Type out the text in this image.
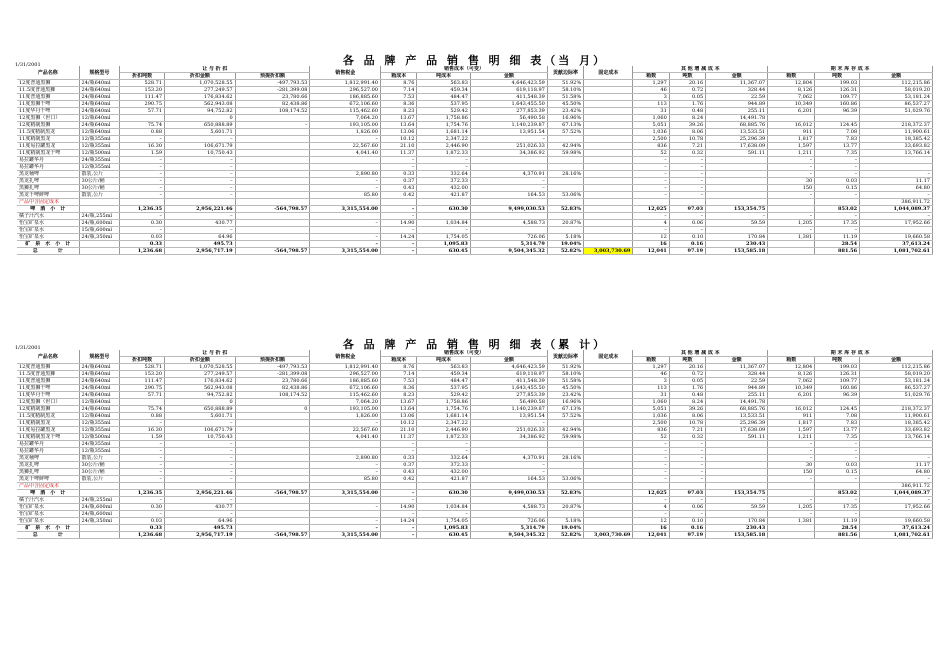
1/31/2001	各 品 牌 产 品 销 售 明 细 表（当 月）
1/31/2001	各 品 牌 产 品 销 售 明 细 表（累 计）
产品名称	规格型号	让 与 折 扣			销售税金	销售成本（可变）			贡献边际率	固定成本	其 他 增 减 成 本			期 末 库 存 成 本		
		折扣吨数	折扣金额	预提折扣额		箱成本	吨成本	金额			箱数	吨数	金额	箱数	吨数	金额
12度普通黑狮	24/瓶640ml	528.71	1,070,528.55	-497,793.53	1,812,991.40	8.76	563.83	4,646,423.59	51.92%		1,297	20.16	11,367.07	12,804	199.03	112,215.86
11.5度普通黑狮	24/瓶640ml	153.20	277,249.57	-281,399.08	296,527.00	7.14	459.34	619,118.97	58.10%		46	0.72	328.44	8,126	126.31	58,019.20
11度普通黑狮	24/瓶640ml	111.47	176,834.62	23,780.66	186,885.60	7.53	484.47	411,548.39	51.58%		3	0.05	22.59	7,062	109.77	53,181.24
11度黑狮干啤	24/瓶640ml	290.75	562,943.08	82,438.86	672,106.60	8.36	537.95	1,643,455.50	45.50%		113	1.76	944.89	10,349	160.86	86,537.27
11度华丹干啤	24/瓶640ml	57.71	94,752.82	108,174.52	115,462.60	8.23	529.42	277,853.39	23.42%		31	0.48	255.11	6,201	96.39	51,029.76
12度黑狮（世口）	12/瓶640ml		0		7,064.20	13.67	1,758.86	56,490.58	16.96%		1,060	8.24	14,491.78			
12度精制黑狮	24/瓶640ml	75.74	650,888.89	–	193,105.00	13.64	1,754.76	1,140,239.87	67.13%		5,051	39.26	68,885.76	16,012	124.45	218,372.37
11.5度精制黑龙	12/瓶640ml	0.88	5,601.71		1,826.00	13.06	1,681.14	13,951.54	57.52%		1,036	8.06	13,533.51	911	7.08	11,900.61
11度精制黑龙	12/瓶355ml	–	–		–	10.12	2,347.22	–			2,500	10.78	25,296.39	1,817	7.83	18,385.42
11度易拉罐黑龙	12/瓶355ml	16.30	106,671.79		22,567.60	21.10	2,446.90	251,026.33	42.94%		836	7.21	17,638.09	1,597	13.77	33,693.82
11度精制黑龙干啤	12/瓶500ml	1.59	10,750.43		4,041.40	11.37	1,872.33	34,386.92	59.98%		52	0.32	591.11	1,211	7.35	13,766.14
易拉罐华丹	24/瓶355ml	–	–			–	–				–	–		–	–	
易拉罐华丹	12/瓶355ml	–	–			–	–				–	–		–	–	
黑龙桶啤	散装,公斤	–	–		2,890.80	0.33	332.64	4,370.91	28.16%		–	–		–	–	–
黑龙扎啤	30公斤/桶	–	–		–	0.37	372.33	–			–	–		30	0.03	11.17
黑狮扎啤	30公斤/桶	–	–		–	0.43	432.00	–			–	–		150	0.15	64.80
黑龙干啤鲜啤	散装,公斤	–	–		85.80	0.42	421.87	164.53	53.06%		–	–		–	–	–
产品中含固定成本																386,911.72
啤　酒　小　计		1,236.35	2,956,221.46	-564,798.57	3,315,554.00	–	630.30	9,499,030.53	52.83%		12,025	97.03	153,354.75		853.02	1,044,089.37
橘子汁汽水	24/瓶,255ml	–	–			–					–	–	–	–	–	–
怡宝矿泉水	24/瓶,600ml	0.30	430.77		–	14.90	1,034.84	4,588.73	20.87%		4	0.06	59.59	1,205	17.35	17,952.66
怡宝矿泉水	15/瓶,600ml	–	–			–	–				–	–		–	–	
怡宝矿泉水	24/瓶,350ml	0.03	64.96		–	14.24	1,754.05	726.06	5.18%		12	0.10	170.84	1,381	11.19	19,660.58
矿　泉　水　小　计		0.33	495.73		–	–	1,095.83	5,314.79	19.04%		16	0.16	230.43		28.54	37,613.24
总　　　　计		1,236.68	2,956,717.19	-564,798.57	3,315,554.00	–	630.45	9,504,345.32	52.82%	3,003,730.69	12,041	97.19	153,585.18		881.56	1,081,702.61
产品名称	规格型号	让 与 折 扣			销售税金	销售成本（可变）			贡献边际率	固定成本	其 他 增 减 成 本			期 末 库 存 成 本		
		折扣吨数	折扣金额	预提折扣额		箱成本	吨成本	金额			箱数	吨数	金额	箱数	吨数	金额
12度普通黑狮	24/瓶640ml	528.71	1,070,528.55	-497,793.53	1,812,991.40	8.76	563.83	4,646,423.59	51.92%		1,297	20.16	11,367.07	12,804	199.03	112,215.86
11.5度普通黑狮	24/瓶640ml	153.20	277,249.57	-281,399.08	296,527.00	7.14	459.34	619,118.97	58.10%		46	0.72	328.44	8,126	126.31	58,019.20
11度普通黑狮	24/瓶640ml	111.47	176,834.62	23,780.66	186,885.60	7.53	484.47	411,548.39	51.58%		3	0.05	22.59	7,062	109.77	53,181.24
11度黑狮干啤	24/瓶640ml	290.75	562,943.08	82,438.86	672,106.60	8.36	537.95	1,643,455.50	45.50%		113	1.76	944.89	10,349	160.86	86,537.27
11度华丹干啤	24/瓶640ml	57.71	94,752.82	108,174.52	115,462.60	8.23	529.42	277,853.39	23.42%		31	0.48	255.11	6,201	96.39	51,029.76
12度黑狮（世口）	12/瓶640ml		0		7,064.20	13.67	1,758.86	56,490.58	16.96%		1,060	8.24	14,491.78			
12度精制黑狮	24/瓶640ml	75.74	650,888.89	0	193,105.00	13.64	1,754.76	1,140,239.87	67.13%		5,051	39.26	68,885.76	16,012	124.45	218,372.37
11.5度精制黑龙	12/瓶640ml	0.88	5,601.71		1,826.00	13.06	1,681.14	13,951.54	57.52%		1,036	8.06	13,533.51	911	7.08	11,900.61
11度精制黑龙	12/瓶355ml	–	–		–	10.12	2,347.22	–			2,500	10.78	25,296.39	1,817	7.83	18,385.42
11度易拉罐黑龙	12/瓶355ml	16.30	106,671.79		22,567.60	21.10	2,446.90	251,026.33	42.94%		836	7.21	17,638.09	1,597	13.77	33,693.82
11度精制黑龙干啤	12/瓶500ml	1.59	10,750.43		4,041.40	11.37	1,872.33	34,386.92	59.98%		52	0.32	591.11	1,211	7.35	13,766.14
易拉罐华丹	24/瓶355ml	–	–			–	–				–	–		–	–	
易拉罐华丹	12/瓶355ml	–	–			–	–				–	–		–	–	
黑龙桶啤	散装,公斤	–	–		2,890.80	0.33	332.64	4,370.91	28.16%		–	–		–	–	–
黑龙扎啤	30公斤/桶	–	–		–	0.37	372.33	–			–	–		30	0.03	11.17
黑狮扎啤	30公斤/桶	–	–		–	0.43	432.00	–			–	–		150	0.15	64.80
黑龙干啤鲜啤	散装,公斤	–	–		85.80	0.42	421.87	164.53	53.06%		–	–		–	–	–
产品中含固定成本																386,911.72
啤　酒　小　计		1,236.35	2,956,221.46	-564,798.57	3,315,554.00	–	630.30	9,499,030.53	52.83%		12,025	97.03	153,354.75		853.02	1,044,089.37
橘子汁汽水	24/瓶,255ml	–	–			–					–	–	–	–	–	–
怡宝矿泉水	24/瓶,600ml	0.30	430.77		–	14.90	1,034.84	4,588.73	20.87%		4	0.06	59.59	1,205	17.35	17,952.66
怡宝矿泉水	24/瓶,600ml	–	–			–	–				–	–		–	–	
怡宝矿泉水	24/瓶,350ml	0.03	64.96		–	14.24	1,754.05	726.06	5.18%		12	0.10	170.84	1,381	11.19	19,660.58
矿　泉　水　小　计		0.33	495.73		–	–	1,095.83	5,314.79	19.04%		16	0.16	230.43		28.54	37,613.24
总　　　　计		1,236.68	2,956,717.19	-564,798.57	3,315,554.00	–	630.45	9,504,345.32	52.82%	3,003,730.69	12,041	97.19	153,585.18		881.56	1,081,702.61
